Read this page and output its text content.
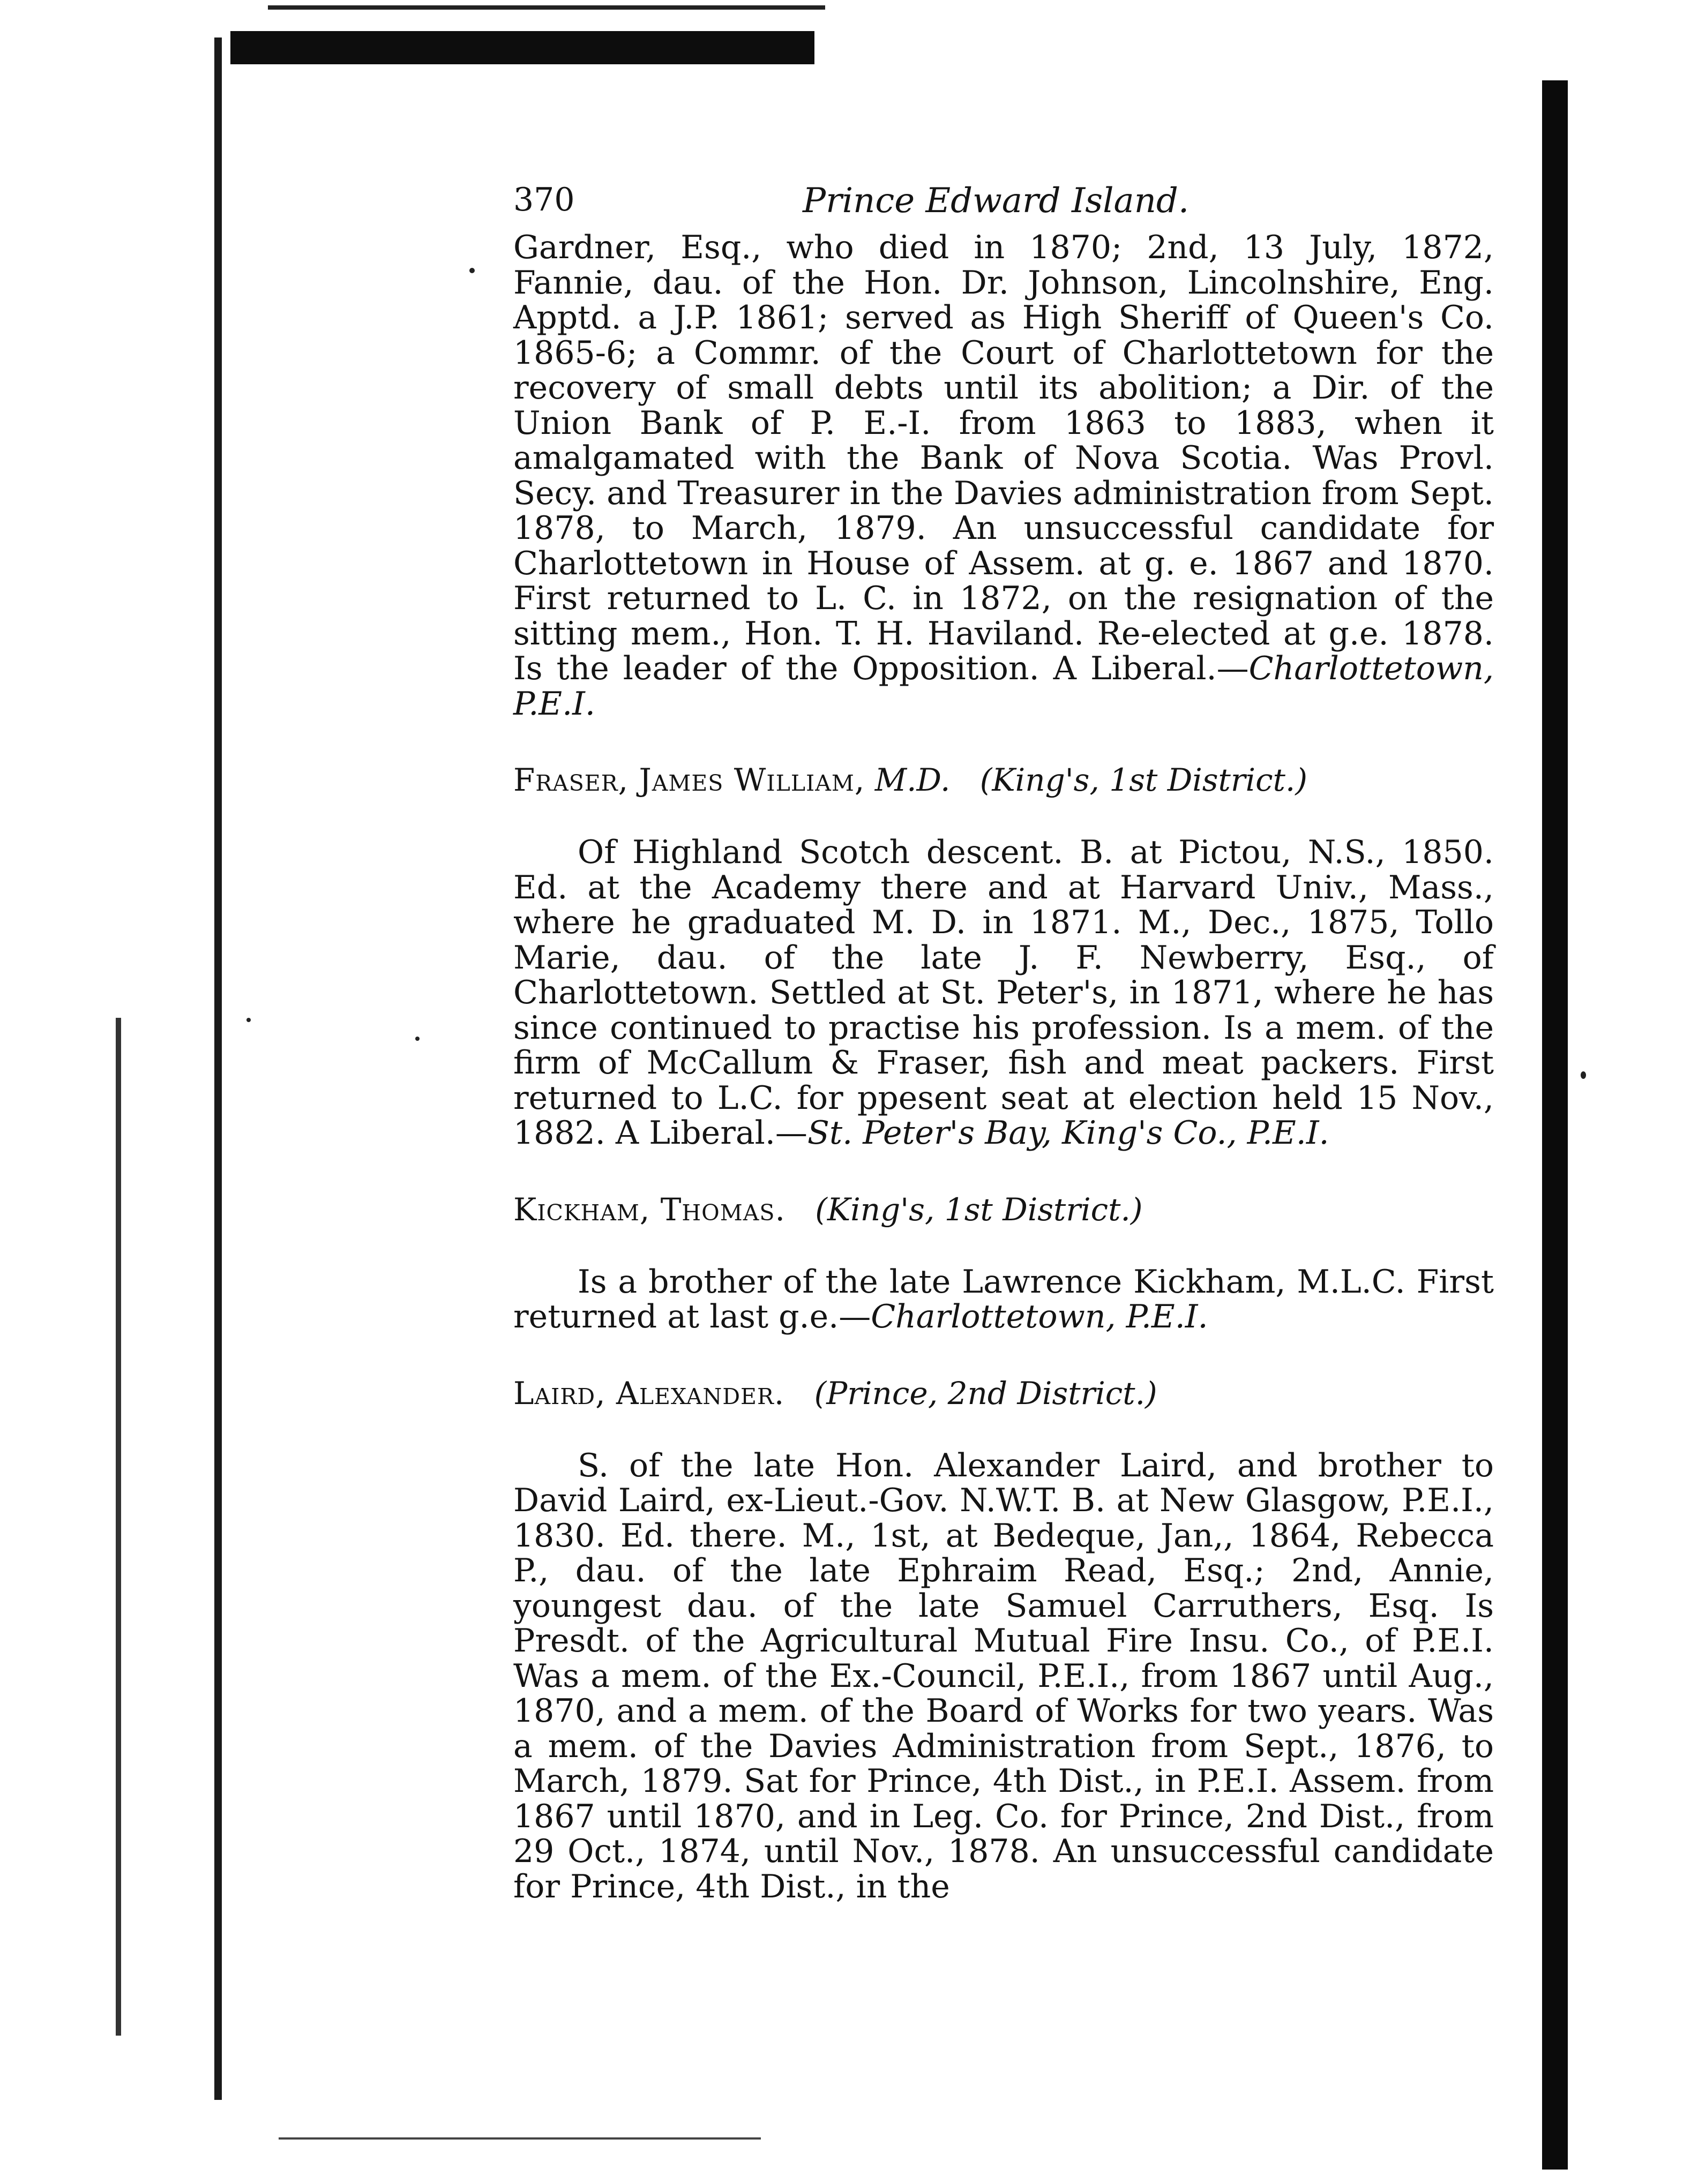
370	Prince Edward Island.

Gardner, Esq., who died in 1870; 2nd, 13 July, 1872, Fannie, dau. of the Hon. Dr. Johnson, Lincolnshire, Eng. Apptd. a J.P. 1861; served as High Sheriff of Queen's Co. 1865-6; a Commr. of the Court of Charlottetown for the recovery of small debts until its abolition; a Dir. of the Union Bank of P. E.-I. from 1863 to 1883, when it amalgamated with the Bank of Nova Scotia. Was Provl. Secy. and Treasurer in the Davies administration from Sept. 1878, to March, 1879. An unsuccessful candidate for Charlottetown in House of Assem. at g. e. 1867 and 1870. First returned to L. C. in 1872, on the resignation of the sitting mem., Hon. T. H. Haviland. Re-elected at g.e. 1878. Is the leader of the Opposition. A Liberal.—Charlottetown, P.E.I.

Fraser, James William, M.D. (King's, 1st District.)

Of Highland Scotch descent. B. at Pictou, N.S., 1850. Ed. at the Academy there and at Harvard Univ., Mass., where he graduated M. D. in 1871. M., Dec., 1875, Tollo Marie, dau. of the late J. F. Newberry, Esq., of Charlottetown. Settled at St. Peter's, in 1871, where he has since continued to practise his profession. Is a mem. of the firm of McCallum & Fraser, fish and meat packers. First returned to L.C. for ppesent seat at election held 15 Nov., 1882. A Liberal.—St. Peter's Bay, King's Co., P.E.I.

Kickham, Thomas. (King's, 1st District.)

Is a brother of the late Lawrence Kickham, M.L.C. First returned at last g.e.—Charlottetown, P.E.I.

Laird, Alexander. (Prince, 2nd District.)

S. of the late Hon. Alexander Laird, and brother to David Laird, ex-Lieut.-Gov. N.W.T. B. at New Glasgow, P.E.I., 1830. Ed. there. M., 1st, at Bedeque, Jan,, 1864, Rebecca P., dau. of the late Ephraim Read, Esq.; 2nd, Annie, youngest dau. of the late Samuel Carruthers, Esq. Is Presdt. of the Agricultural Mutual Fire Insu. Co., of P.E.I. Was a mem. of the Ex.-Council, P.E.I., from 1867 until Aug., 1870, and a mem. of the Board of Works for two years. Was a mem. of the Davies Administration from Sept., 1876, to March, 1879. Sat for Prince, 4th Dist., in P.E.I. Assem. from 1867 until 1870, and in Leg. Co. for Prince, 2nd Dist., from 29 Oct., 1874, until Nov., 1878. An unsuccessful candidate for Prince, 4th Dist., in the
